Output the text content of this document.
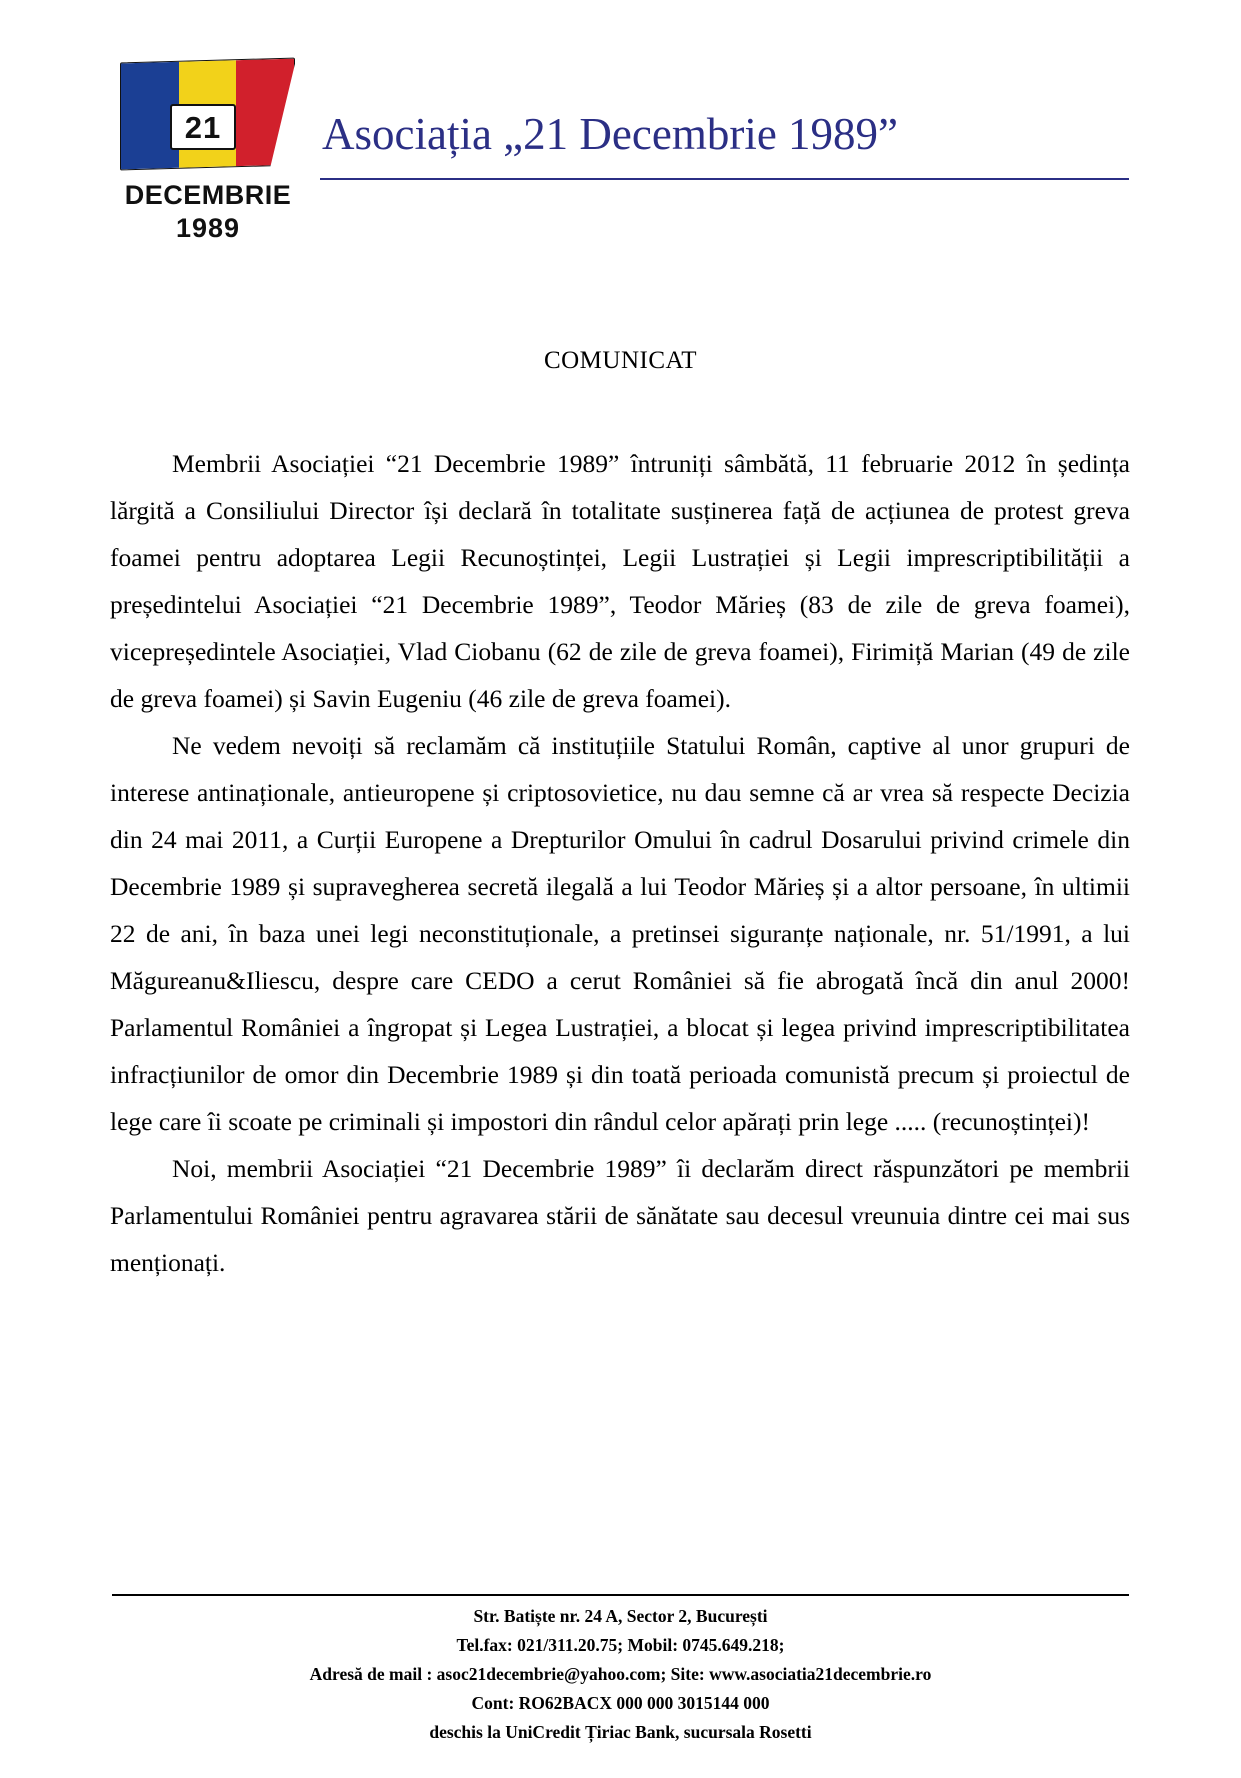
21
DECEMBRIE
1989
Asociația „21 Decembrie 1989”
COMUNICAT

Membrii Asociației “21 Decembrie 1989” întruniți sâmbătă, 11 februarie 2012 în ședința lărgită a Consiliului Director își declară în totalitate susținerea față de acțiunea de protest greva foamei pentru adoptarea Legii Recunoștinței, Legii Lustrației și Legii imprescriptibilității a președintelui Asociației “21 Decembrie 1989”, Teodor Mărieș (83 de zile de greva foamei), vicepreședintele Asociației, Vlad Ciobanu (62 de zile de greva foamei), Firimiță Marian (49 de zile de greva foamei) și Savin Eugeniu (46 zile de greva foamei).

Ne vedem nevoiți să reclamăm că instituțiile Statului Român, captive al unor grupuri de interese antinaționale, antieuropene și criptosovietice, nu dau semne că ar vrea să respecte Decizia din 24 mai 2011, a Curții Europene a Drepturilor Omului în cadrul Dosarului privind crimele din Decembrie 1989 și supravegherea secretă ilegală a lui Teodor Mărieș și a altor persoane, în ultimii 22 de ani, în baza unei legi neconstituționale, a pretinsei siguranțe naționale, nr. 51/1991, a lui Măgureanu&Iliescu, despre care CEDO a cerut României să fie abrogată încă din anul 2000! Parlamentul României a îngropat și Legea Lustrației, a blocat și legea privind imprescriptibilitatea infracțiunilor de omor din Decembrie 1989 și din toată perioada comunistă precum și proiectul de lege care îi scoate pe criminali și impostori din rândul celor apărați prin lege ..... (recunoștinței)!

Noi, membrii Asociației “21 Decembrie 1989” îi declarăm direct răspunzători pe membrii Parlamentului României pentru agravarea stării de sănătate sau decesul vreunuia dintre cei mai sus menționați.

Str. Batiște nr. 24 A, Sector 2, București
Tel.fax: 021/311.20.75; Mobil: 0745.649.218;
Adresă de mail : asoc21decembrie@yahoo.com; Site: www.asociatia21decembrie.ro
Cont: RO62BACX 000 000 3015144 000
deschis la UniCredit Țiriac Bank, sucursala Rosetti
